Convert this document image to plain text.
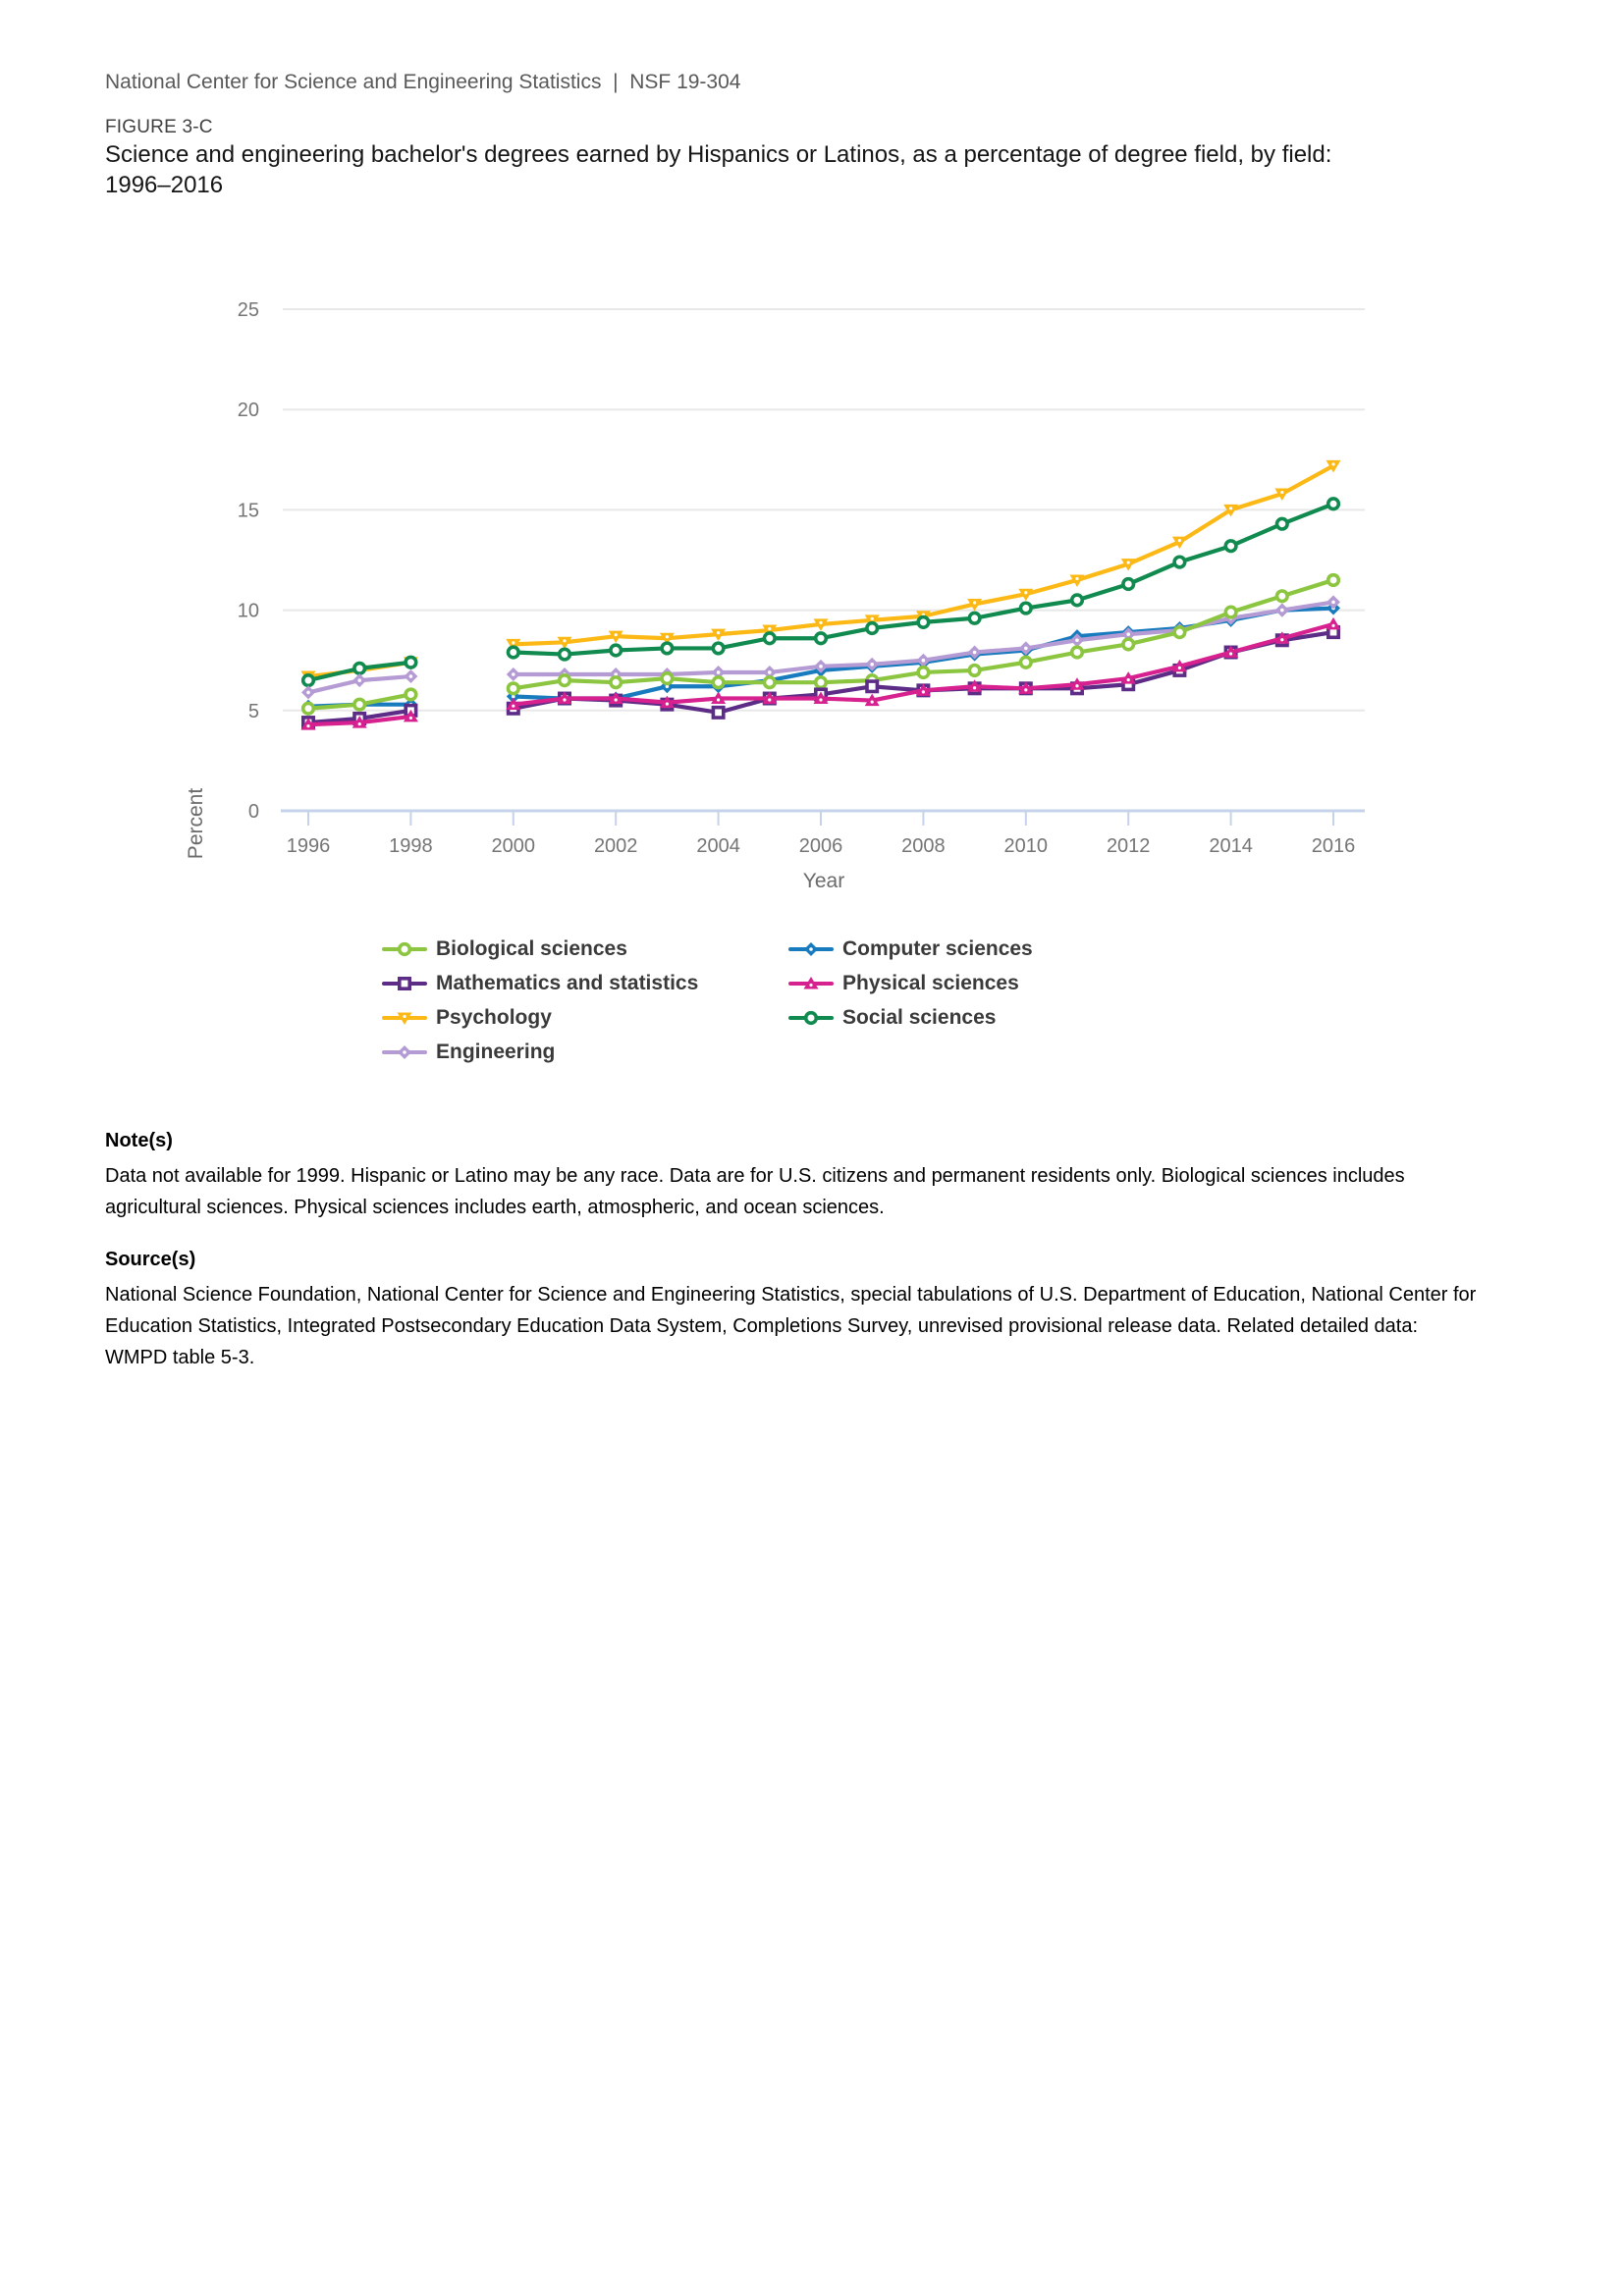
National Center for Science and Engineering Statistics  |  NSF 19-304
FIGURE 3-C
Science and engineering bachelor's degrees earned by Hispanics or Latinos, as a percentage of degree field, by field: 1996–2016
1996	1998	2000	2002	2004	2006	2008	2010	2012	2014	2016
0
5
10
15
20
25
Percent
Year
Biological sciences	Computer sciences
Mathematics and statistics	Physical sciences
Psychology	Social sciences
Engineering

Note(s)

Data not available for 1999. Hispanic or Latino may be any race. Data are for U.S. citizens and permanent residents only. Biological sciences includes agricultural sciences. Physical sciences includes earth, atmospheric, and ocean sciences.

Source(s)

National Science Foundation, National Center for Science and Engineering Statistics, special tabulations of U.S. Department of Education, National Center for Education Statistics, Integrated Postsecondary Education Data System, Completions Survey, unrevised provisional release data. Related detailed data: WMPD table 5-3.
